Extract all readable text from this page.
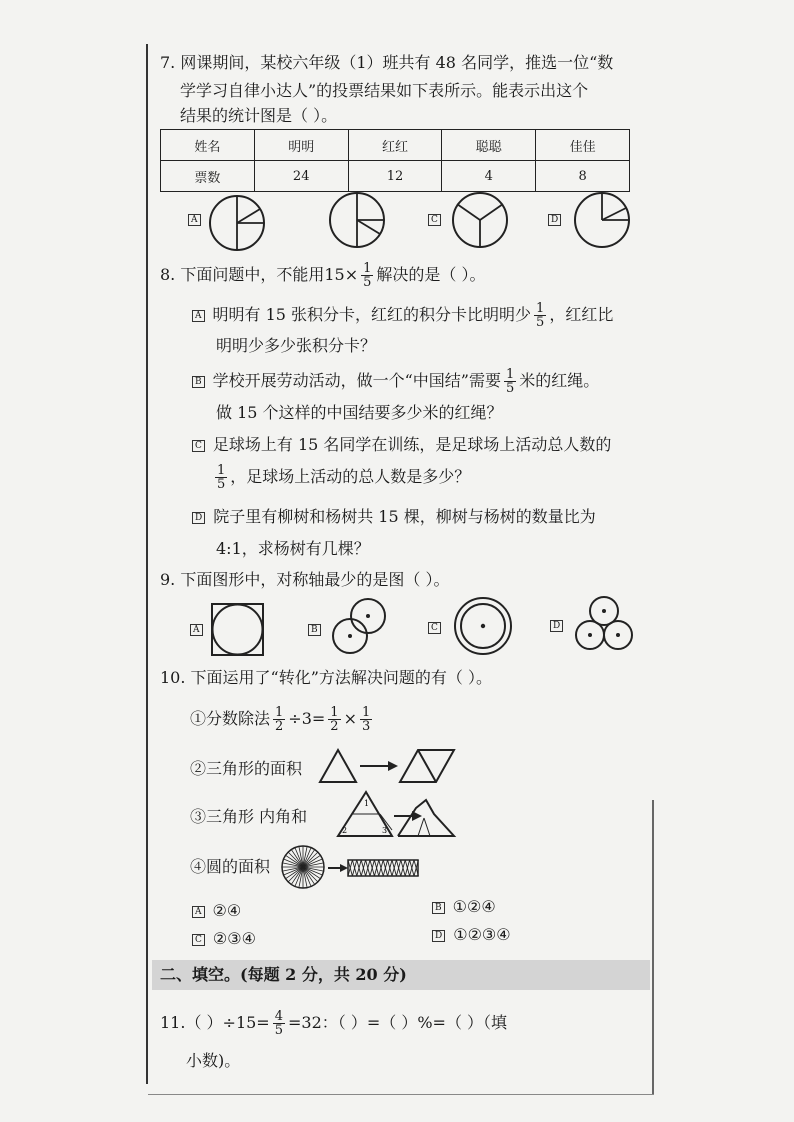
7. 网课期间，某校六年级（1）班共有 48 名同学，推选一位“数
学学习自律小达人”的投票结果如下表所示。能表示出这个
结果的统计图是（ ）。
姓名	明明	红红	聪聪	佳佳
票数	24	12	4	8
A	C	D
8. 下面问题中，不能用$15\times \frac{1}{5}$ 解决的是（ ）。
A 明明有 15 张积分卡，红红的积分卡比明明少 $\frac{1}{5}$ ，红红比
明明少多少张积分卡？
B 学校开展劳动活动，做一个“中国结”需要 $\frac{1}{5}$ 米的红绳。
做 15 个这样的中国结要多少米的红绳？
C 足球场上有 15 名同学在训练，是足球场上活动总人数的
$\frac{1}{5}$ ，足球场上活动的总人数是多少？
D 院子里有柳树和杨树共 15 棵，柳树与杨树的数量比为
4:1，求杨树有几棵？
9. 下面图形中，对称轴最少的是图（ ）。
A	B	C	D
10. 下面运用了“转化”方法解决问题的有（ ）。
①分数除法 $\frac{1}{2} \div 3= \frac{1}{2} \times \frac{1}{3}$
②三角形的面积
③三角形 内角和
1
2	3
④圆的面积
A ②④	B ①②④
C ②③④	D ①②③④
二、填空。(每题 2 分，共 20 分)
11.（ ）$\div 15= \frac{4}{5} =32$：（ ）=（ ）%=（ ）（填
小数)。
